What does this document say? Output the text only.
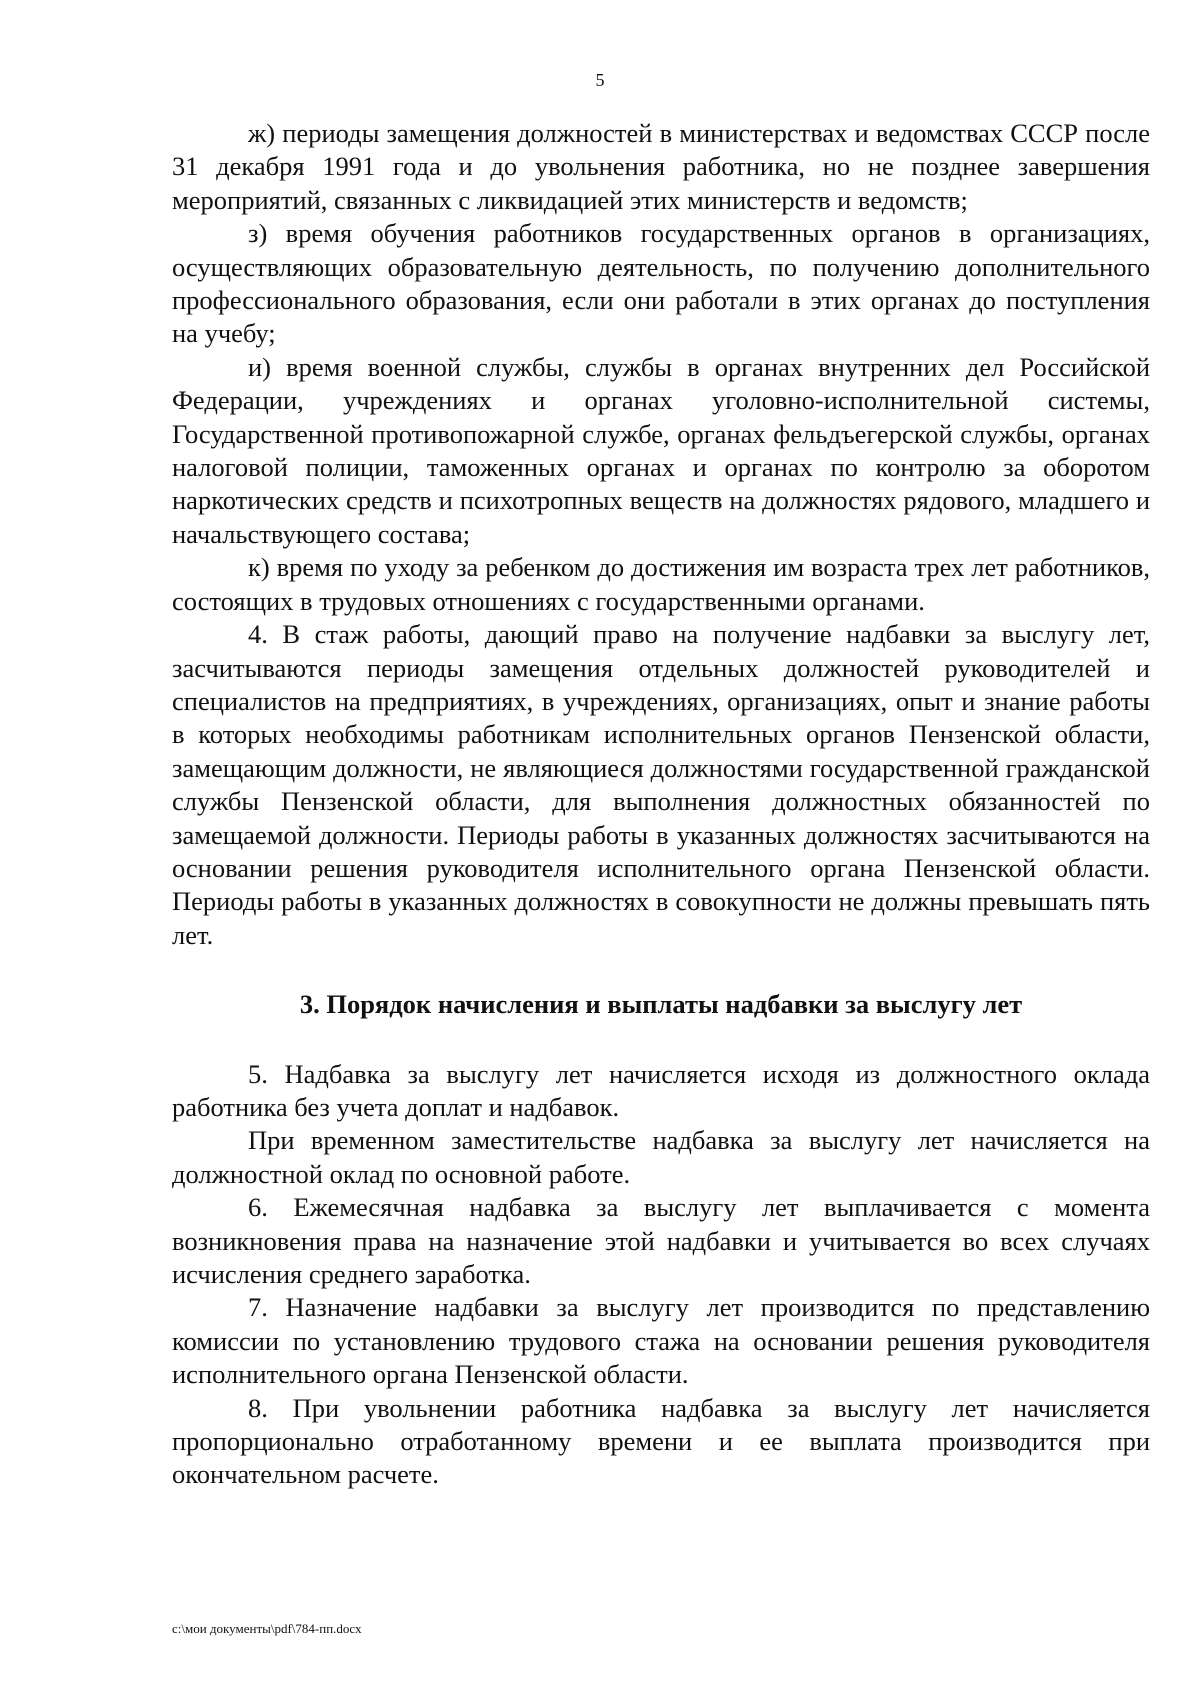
5

ж) периоды замещения должностей в министерствах и ведомствах СССР после 31 декабря 1991 года и до увольнения работника, но не позднее завершения мероприятий, связанных с ликвидацией этих министерств и ведомств;

з) время обучения работников государственных органов в организациях, осуществляющих образовательную деятельность, по получению дополнительного профессионального образования, если они работали в этих органах до поступления на учебу;

и) время военной службы, службы в органах внутренних дел Российской Федерации, учреждениях и органах уголовно-исполнительной системы, Государственной противопожарной службе, органах фельдъегерской службы, органах налоговой полиции, таможенных органах и органах по контролю за оборотом наркотических средств и психотропных веществ на должностях рядового, младшего и начальствующего состава;

к) время по уходу за ребенком до достижения им возраста трех лет работников, состоящих в трудовых отношениях с государственными органами.

4. В стаж работы, дающий право на получение надбавки за выслугу лет, засчитываются периоды замещения отдельных должностей руководителей и специалистов на предприятиях, в учреждениях, организациях, опыт и знание работы в которых необходимы работникам исполнительных органов Пензенской области, замещающим должности, не являющиеся должностями государственной гражданской службы Пензенской области, для выполнения должностных обязанностей по замещаемой должности. Периоды работы в указанных должностях засчитываются на основании решения руководителя исполнительного органа Пензенской области. Периоды работы в указанных должностях в совокупности не должны превышать пять лет.

3. Порядок начисления и выплаты надбавки за выслугу лет

5. Надбавка за выслугу лет начисляется исходя из должностного оклада работника без учета доплат и надбавок.

При временном заместительстве надбавка за выслугу лет начисляется на должностной оклад по основной работе.

6. Ежемесячная надбавка за выслугу лет выплачивается с момента возникновения права на назначение этой надбавки и учитывается во всех случаях исчисления среднего заработка.

7. Назначение надбавки за выслугу лет производится по представлению комиссии по установлению трудового стажа на основании решения руководителя исполнительного органа Пензенской области.

8. При увольнении работника надбавка за выслугу лет начисляется пропорционально отработанному времени и ее выплата производится при окончательном расчете.

c:\мои документы\pdf\784-пп.docx
